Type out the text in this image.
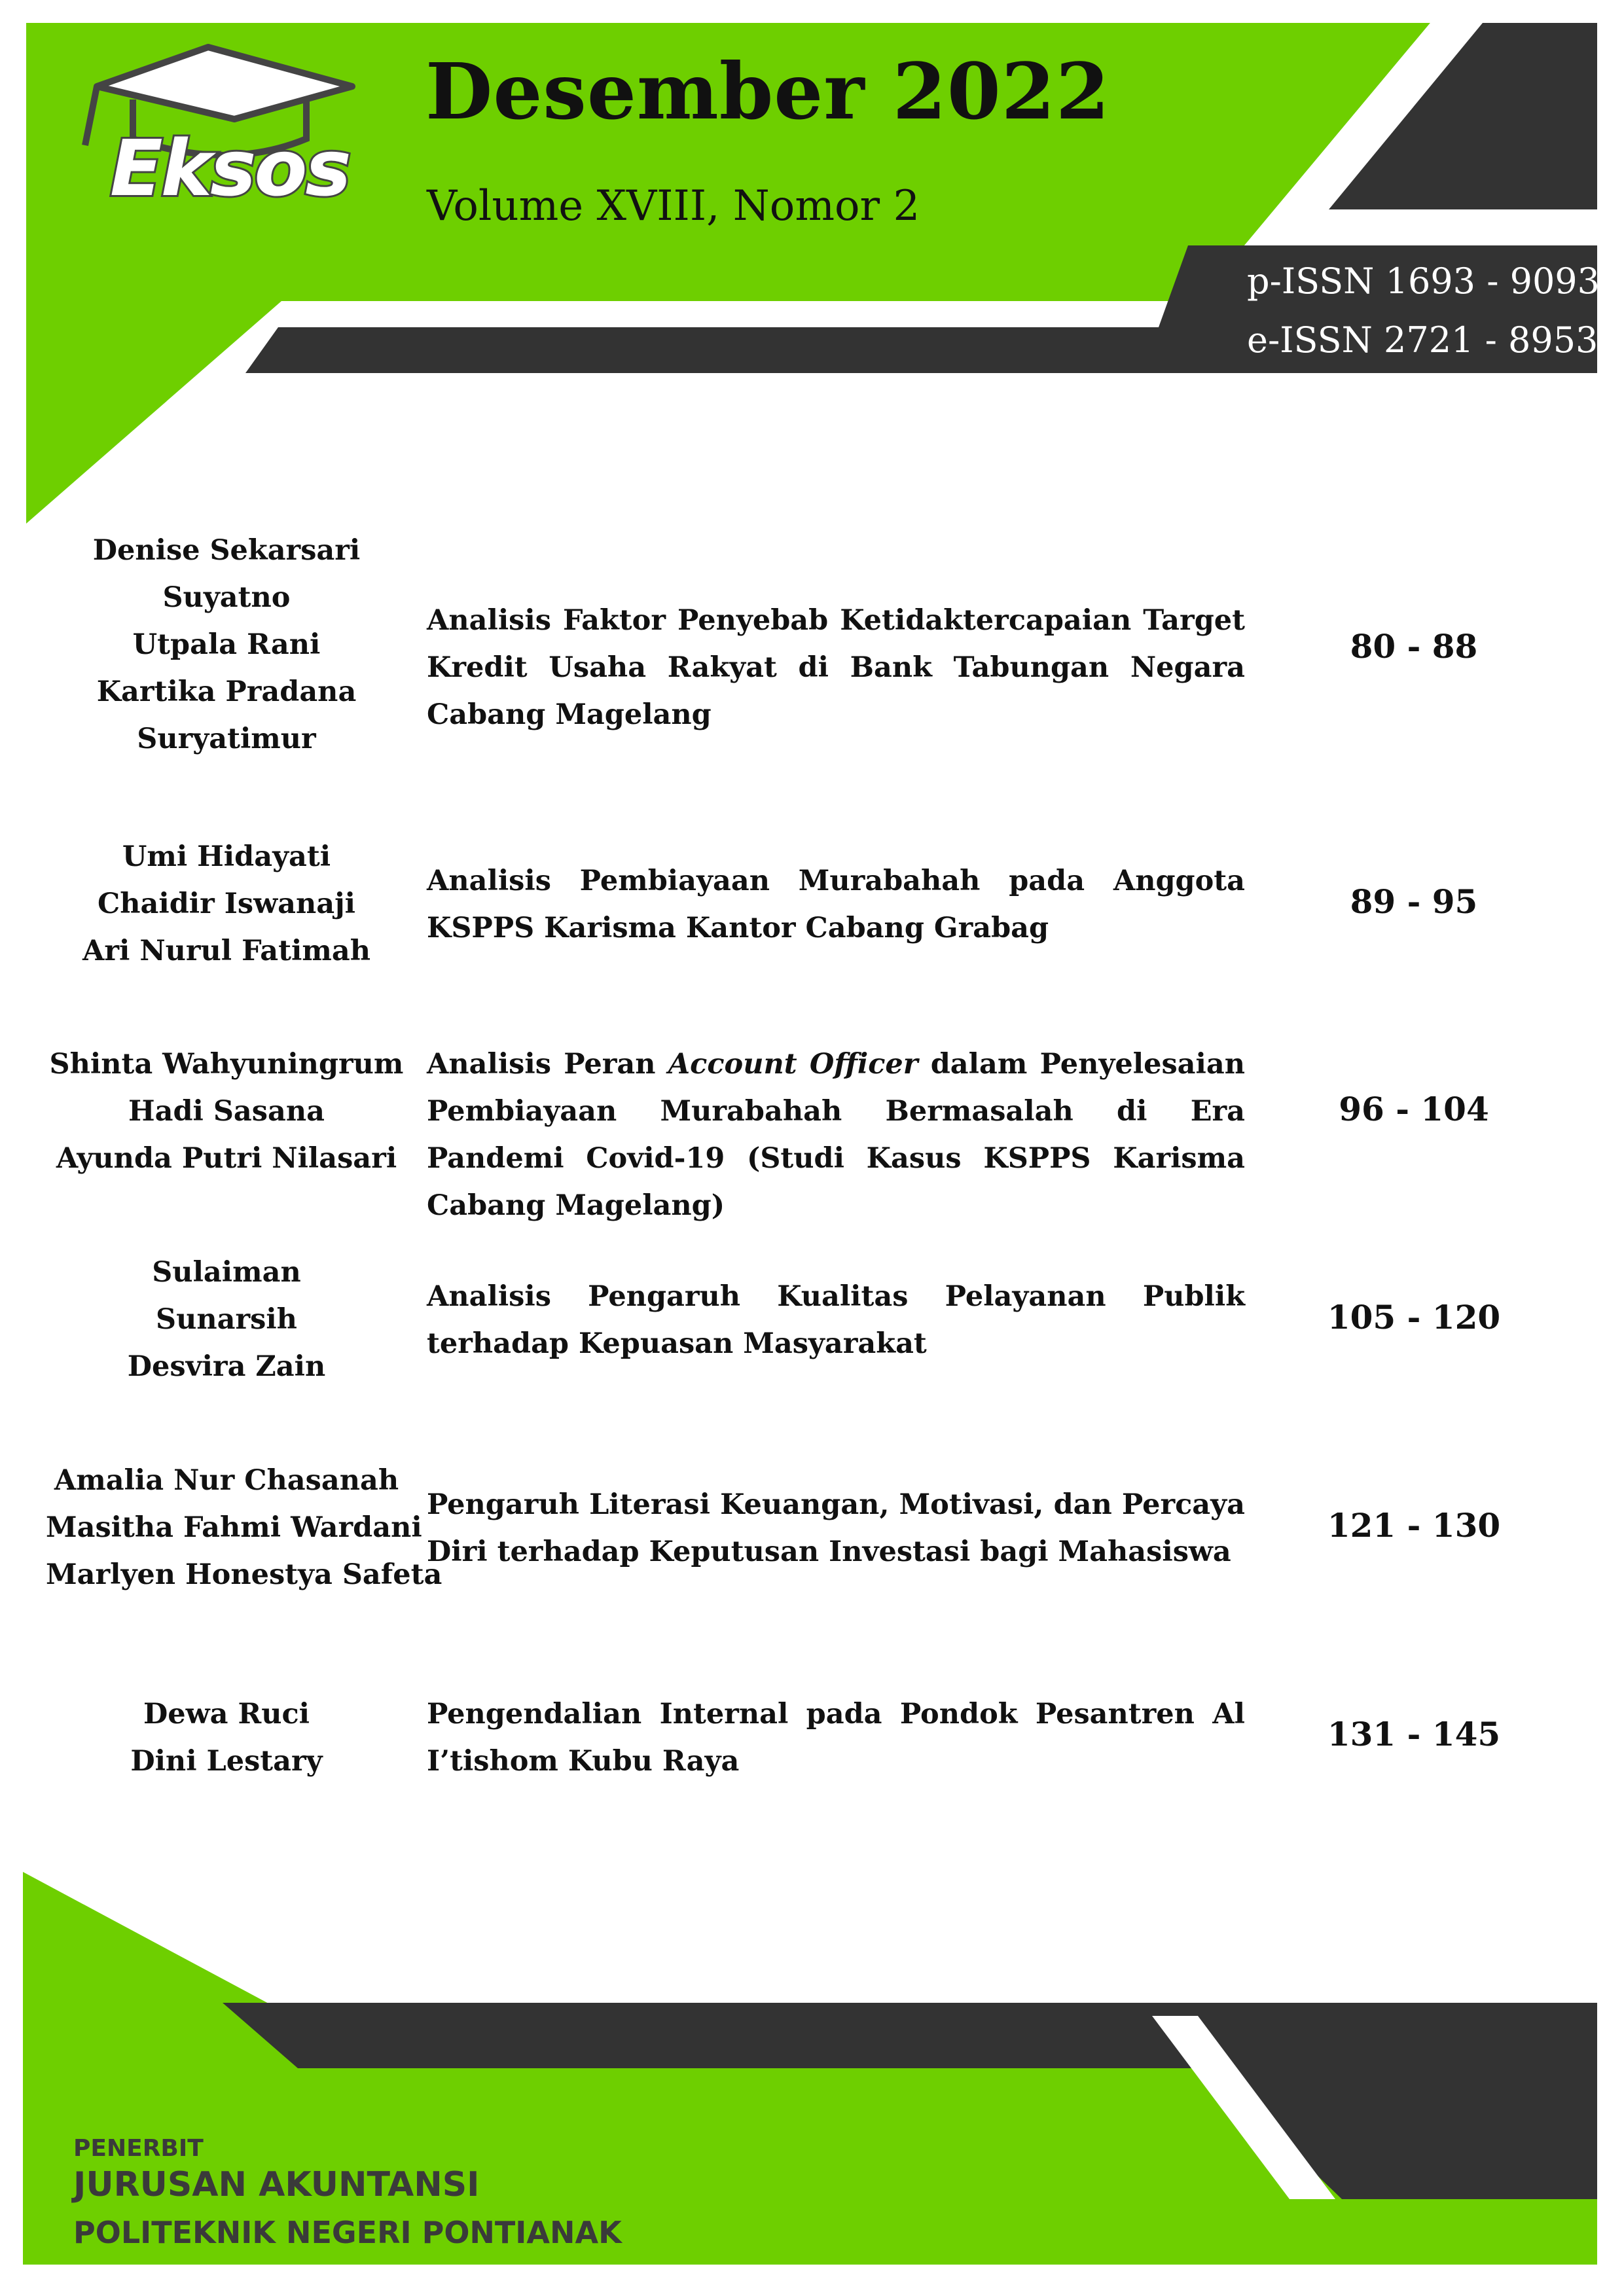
Eksos
Desember 2022
Volume XVIII, Nomor 2
p-ISSN 1693 - 9093
e-ISSN 2721 - 8953
Denise Sekarsari
Suyatno
Utpala Rani
Kartika Pradana
Suryatimur
Analisis Faktor Penyebab Ketidaktercapaian Target Kredit Usaha Rakyat di Bank Tabungan Negara Cabang Magelang
80 - 88
Umi Hidayati
Chaidir Iswanaji
Ari Nurul Fatimah
Analisis Pembiayaan Murabahah pada Anggota KSPPS Karisma Kantor Cabang Grabag
89 - 95
Shinta Wahyuningrum
Hadi Sasana
Ayunda Putri Nilasari
Analisis Peran Account Officer dalam Penyelesaian Pembiayaan Murabahah Bermasalah di Era Pandemi Covid-19 (Studi Kasus KSPPS Karisma Cabang Magelang)
96 - 104
Sulaiman
Sunarsih
Desvira Zain
Analisis Pengaruh Kualitas Pelayanan Publik terhadap Kepuasan Masyarakat
105 - 120
Amalia Nur Chasanah
Masitha Fahmi Wardani
Marlyen Honestya Safeta
Pengaruh Literasi Keuangan, Motivasi, dan Percaya Diri terhadap Keputusan Investasi bagi Mahasiswa
121 - 130
Dewa Ruci
Dini Lestary
Pengendalian Internal pada Pondok Pesantren Al I’tishom Kubu Raya
131 - 145
PENERBIT
JURUSAN AKUNTANSI
POLITEKNIK NEGERI PONTIANAK
